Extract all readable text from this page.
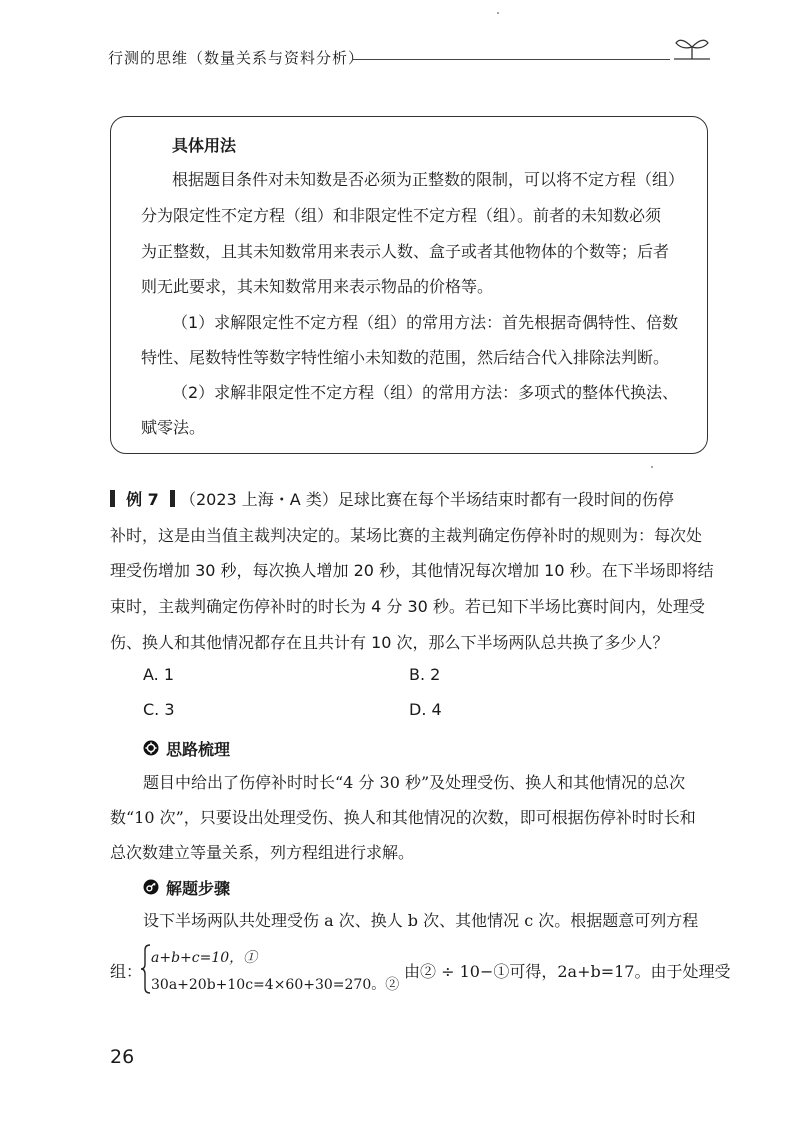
行测的思维（数量关系与资料分析）
具体用法
根据题目条件对未知数是否必须为正整数的限制，可以将不定方程（组）
分为限定性不定方程（组）和非限定性不定方程（组）。前者的未知数必须
为正整数，且其未知数常用来表示人数、盒子或者其他物体的个数等；后者
则无此要求，其未知数常用来表示物品的价格等。
（1）求解限定性不定方程（组）的常用方法：首先根据奇偶特性、倍数
特性、尾数特性等数字特性缩小未知数的范围，然后结合代入排除法判断。
（2）求解非限定性不定方程（组）的常用方法：多项式的整体代换法、
赋零法。
例 7 （2023 上海・A 类）足球比赛在每个半场结束时都有一段时间的伤停
补时，这是由当值主裁判决定的。某场比赛的主裁判确定伤停补时的规则为：每次处
理受伤增加 30 秒，每次换人增加 20 秒，其他情况每次增加 10 秒。在下半场即将结
束时，主裁判确定伤停补时的时长为 4 分 30 秒。若已知下半场比赛时间内，处理受
伤、换人和其他情况都存在且共计有 10 次，那么下半场两队总共换了多少人？
A. 1	B. 2
C. 3	D. 4
思路梳理
题目中给出了伤停补时时长“4 分 30 秒”及处理受伤、换人和其他情况的总次
数“10 次”，只要设出处理受伤、换人和其他情况的次数，即可根据伤停补时时长和
总次数建立等量关系，列方程组进行求解。
解题步骤
设下半场两队共处理受伤 a 次、换人 b 次、其他情况 c 次。根据题意可列方程
组：
a+b+c=10，①
30a+20b+10c=4×60+30=270。②
由② ÷ 10−①可得，2a+b=17。由于处理受
26
